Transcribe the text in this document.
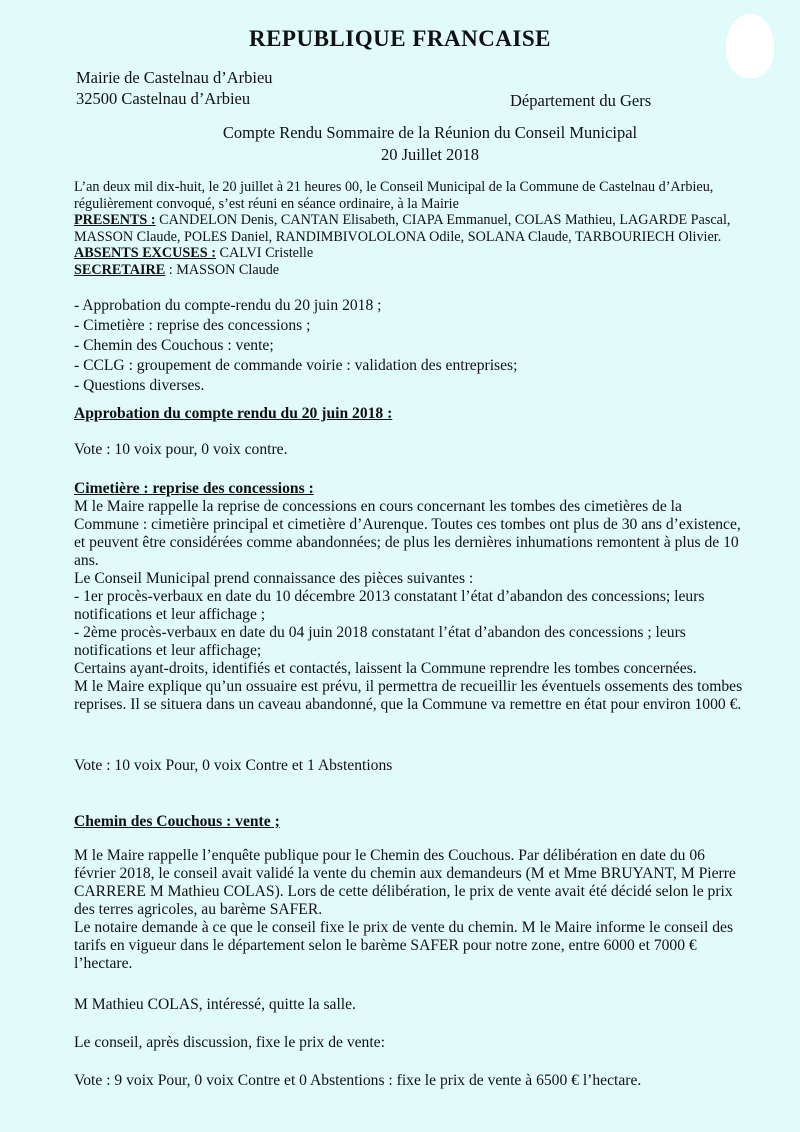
REPUBLIQUE FRANCAISE
Mairie de Castelnau d’Arbieu
32500 Castelnau d’Arbieu	Département du Gers
Compte Rendu Sommaire de la Réunion du Conseil Municipal
20 Juillet 2018
L’an deux mil dix-huit, le 20 juillet à 21 heures 00, le Conseil Municipal de la Commune de Castelnau d’Arbieu,
régulièrement convoqué, s’est réuni en séance ordinaire, à la Mairie
PRESENTS : CANDELON Denis, CANTAN Elisabeth, CIAPA Emmanuel, COLAS Mathieu, LAGARDE Pascal,
MASSON Claude, POLES Daniel, RANDIMBIVOLOLONA Odile, SOLANA Claude, TARBOURIECH Olivier.
ABSENTS EXCUSES : CALVI Cristelle
SECRETAIRE : MASSON Claude
- Approbation du compte-rendu du 20 juin 2018 ;
- Cimetière : reprise des concessions ;
- Chemin des Couchous : vente;
- CCLG : groupement de commande voirie : validation des entreprises;
- Questions diverses.
Approbation du compte rendu du 20 juin 2018 :
Vote : 10 voix pour, 0 voix contre.
Cimetière : reprise des concessions :
M le Maire rappelle la reprise de concessions en cours concernant les tombes des cimetières de la
Commune : cimetière principal et cimetière d’Aurenque. Toutes ces tombes ont plus de 30 ans d’existence,
et peuvent être considérées comme abandonnées; de plus les dernières inhumations remontent à plus de 10
ans.
Le Conseil Municipal prend connaissance des pièces suivantes :
- 1er procès-verbaux en date du 10 décembre 2013 constatant l’état d’abandon des concessions; leurs
notifications et leur affichage ;
- 2ème procès-verbaux en date du 04 juin 2018 constatant l’état d’abandon des concessions ; leurs
notifications et leur affichage;
Certains ayant-droits, identifiés et contactés, laissent la Commune reprendre les tombes concernées.
M le Maire explique qu’un ossuaire est prévu, il permettra de recueillir les éventuels ossements des tombes
reprises. Il se situera dans un caveau abandonné, que la Commune va remettre en état pour environ 1000 €.
Vote : 10 voix Pour, 0 voix Contre et 1 Abstentions
Chemin des Couchous : vente ;
M le Maire rappelle l’enquête publique pour le Chemin des Couchous. Par délibération en date du 06
février 2018, le conseil avait validé la vente du chemin aux demandeurs (M et Mme BRUYANT, M Pierre
CARRERE M Mathieu COLAS). Lors de cette délibération, le prix de vente avait été décidé selon le prix
des terres agricoles, au barème SAFER.
Le notaire demande à ce que le conseil fixe le prix de vente du chemin. M le Maire informe le conseil des
tarifs en vigueur dans le département selon le barème SAFER pour notre zone, entre 6000 et 7000 €
l’hectare.
M Mathieu COLAS, intéressé, quitte la salle.
Le conseil, après discussion, fixe le prix de vente:
Vote : 9 voix Pour, 0 voix Contre et 0 Abstentions : fixe le prix de vente à 6500 € l’hectare.
